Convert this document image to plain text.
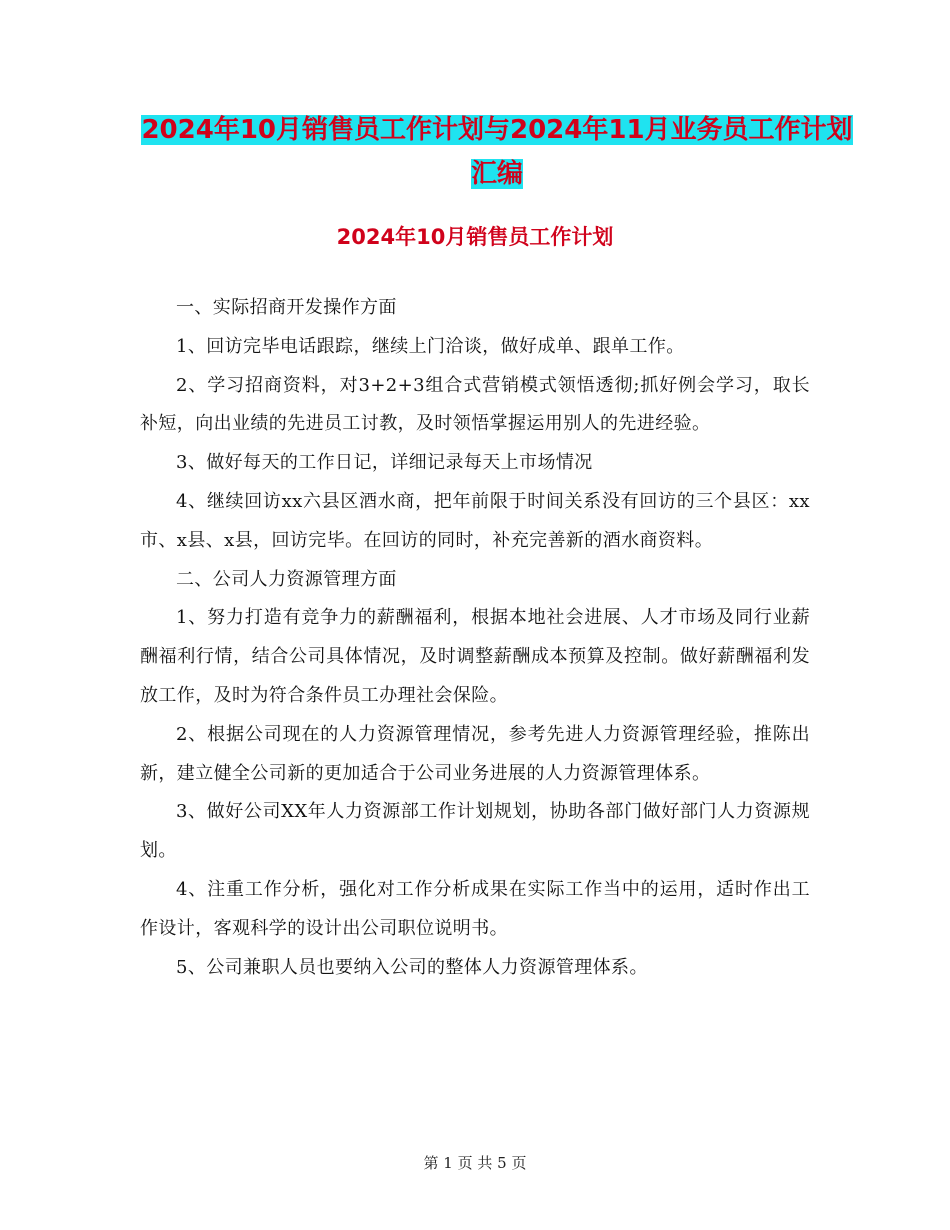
2024年10月销售员工作计划与2024年11月业务员工作计划汇编
2024年10月销售员工作计划

一、实际招商开发操作方面

1、回访完毕电话跟踪，继续上门洽谈，做好成单、跟单工作。

2、学习招商资料，对3+2+3组合式营销模式领悟透彻;抓好例会学习，取长补短，向出业绩的先进员工讨教，及时领悟掌握运用别人的先进经验。

3、做好每天的工作日记，详细记录每天上市场情况

4、继续回访xx六县区酒水商，把年前限于时间关系没有回访的三个县区：xx市、x县、x县，回访完毕。在回访的同时，补充完善新的酒水商资料。

二、公司人力资源管理方面

1、努力打造有竞争力的薪酬福利，根据本地社会进展、人才市场及同行业薪酬福利行情，结合公司具体情况，及时调整薪酬成本预算及控制。做好薪酬福利发放工作，及时为符合条件员工办理社会保险。

2、根据公司现在的人力资源管理情况，参考先进人力资源管理经验，推陈出新，建立健全公司新的更加适合于公司业务进展的人力资源管理体系。

3、做好公司XX年人力资源部工作计划规划，协助各部门做好部门人力资源规划。

4、注重工作分析，强化对工作分析成果在实际工作当中的运用，适时作出工作设计，客观科学的设计出公司职位说明书。

5、公司兼职人员也要纳入公司的整体人力资源管理体系。

第 1 页 共 5 页
